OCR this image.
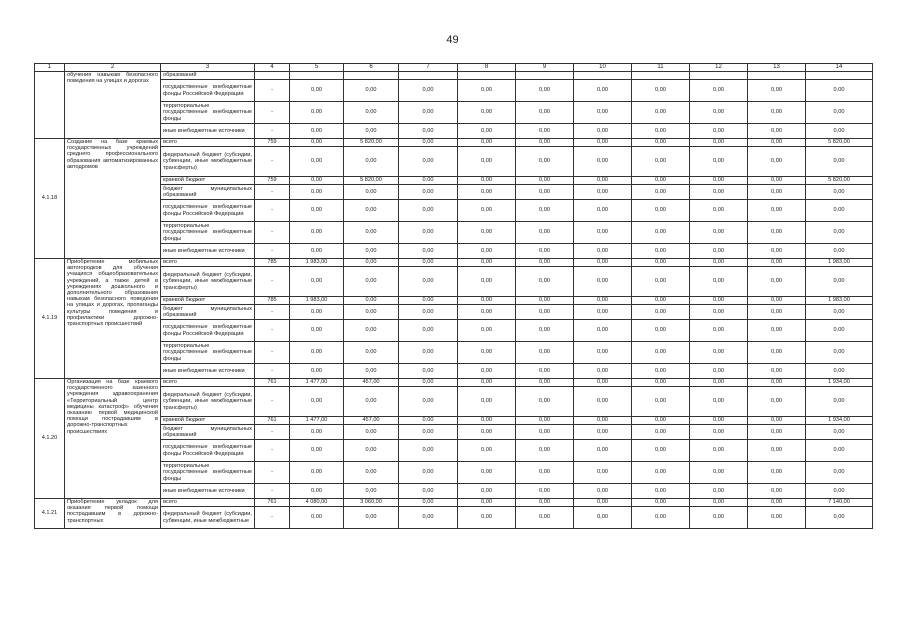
49
1	2	3	4	5	6	7	8	9	10	11	12	13	14
	обучения навыкам безопасного поведения на улицах и дорогах	образований											
		государственные внебюджетные фонды Российской Федерации	-	0,00	0,00	0,00	0,00	0,00	0,00	0,00	0,00	0,00	0,00
		территориальные государственные внебюджетные фонды	-	0,00	0,00	0,00	0,00	0,00	0,00	0,00	0,00	0,00	0,00
		иные внебюджетные источники	-	0,00	0,00	0,00	0,00	0,00	0,00	0,00	0,00	0,00	0,00
4.1.18	Создание на базе краевых государственных учреждений среднего профессионального образования автоматизированных автодромов	всего	759	0,00	5 820,00	0,00	0,00	0,00	0,00	0,00	0,00	0,00	5 820,00
		федеральный бюджет (субсидии, субвенции, иные межбюджетные трансферты)	-	0,00	0,00	0,00	0,00	0,00	0,00	0,00	0,00	0,00	0,00
		краевой бюджет	759	0,00	5 820,00	0,00	0,00	0,00	0,00	0,00	0,00	0,00	5 820,00
		бюджет муниципальных образований	-	0,00	0,00	0,00	0,00	0,00	0,00	0,00	0,00	0,00	0,00
		государственные внебюджетные фонды Российской Федерации	-	0,00	0,00	0,00	0,00	0,00	0,00	0,00	0,00	0,00	0,00
		территориальные государственные внебюджетные фонды	-	0,00	0,00	0,00	0,00	0,00	0,00	0,00	0,00	0,00	0,00
		иные внебюджетные источники	-	0,00	0,00	0,00	0,00	0,00	0,00	0,00	0,00	0,00	0,00
4.1.19	Приобретение мобильных автогородков для обучения учащихся общеобразовательных учреждений, а также детей в учреждениях дошкольного и дополнительного образования навыкам безопасного поведения на улицах и дорогах, пропаганды культуры поведения и профилактики дорожно-транспортных происшествий	всего	785	1 983,00	0,00	0,00	0,00	0,00	0,00	0,00	0,00	0,00	1 983,00
		федеральный бюджет (субсидии, субвенции, иные межбюджетные трансферты)	-	0,00	0,00	0,00	0,00	0,00	0,00	0,00	0,00	0,00	0,00
		краевой бюджет	785	1 983,00	0,00	0,00	0,00	0,00	0,00	0,00	0,00	0,00	1 983,00
		бюджет муниципальных образований	-	0,00	0,00	0,00	0,00	0,00	0,00	0,00	0,00	0,00	0,00
		государственные внебюджетные фонды Российской Федерации	-	0,00	0,00	0,00	0,00	0,00	0,00	0,00	0,00	0,00	0,00
		территориальные государственные внебюджетные фонды	-	0,00	0,00	0,00	0,00	0,00	0,00	0,00	0,00	0,00	0,00
		иные внебюджетные источники	-	0,00	0,00	0,00	0,00	0,00	0,00	0,00	0,00	0,00	0,00
4.1.20	Организация на базе краевого государственного казенного учреждения здравоохранения «Территориальный центр медицины катастроф» обучения оказанию первой медицинской помощи пострадавшим в дорожно-транспортных происшествиях	всего	761	1 477,00	457,00	0,00	0,00	0,00	0,00	0,00	0,00	0,00	1 934,00
		федеральный бюджет (субсидии, субвенции, иные межбюджетные трансферты)	-	0,00	0,00	0,00	0,00	0,00	0,00	0,00	0,00	0,00	0,00
		краевой бюджет	761	1 477,00	457,00	0,00	0,00	0,00	0,00	0,00	0,00	0,00	1 934,00
		бюджет муниципальных образований	-	0,00	0,00	0,00	0,00	0,00	0,00	0,00	0,00	0,00	0,00
		государственные внебюджетные фонды Российской Федерации	-	0,00	0,00	0,00	0,00	0,00	0,00	0,00	0,00	0,00	0,00
		территориальные государственные внебюджетные фонды	-	0,00	0,00	0,00	0,00	0,00	0,00	0,00	0,00	0,00	0,00
		иные внебюджетные источники	-	0,00	0,00	0,00	0,00	0,00	0,00	0,00	0,00	0,00	0,00
4.1.21	Приобретение укладок для оказания первой помощи пострадавшим в дорожно-транспортных	всего	761	4 080,00	3 060,00	0,00	0,00	0,00	0,00	0,00	0,00	0,00	7 140,00
		федеральный бюджет (субсидии, субвенции, иные межбюджетные	-	0,00	0,00	0,00	0,00	0,00	0,00	0,00	0,00	0,00	0,00
